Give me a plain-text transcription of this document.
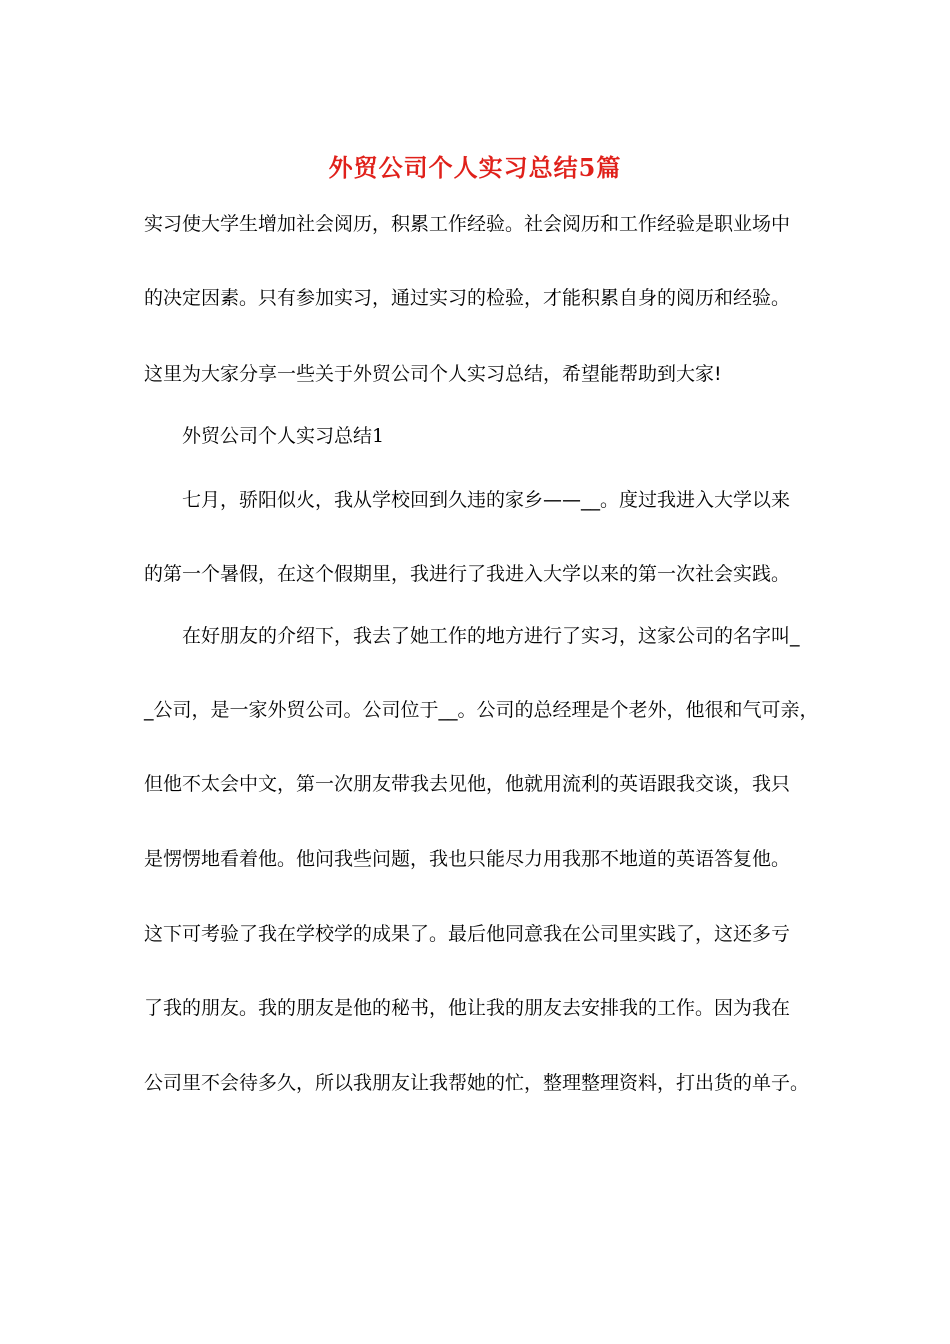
外贸公司个人实习总结5篇

实习使大学生增加社会阅历，积累工作经验。社会阅历和工作经验是职业场中

的决定因素。只有参加实习，通过实习的检验，才能积累自身的阅历和经验。

这里为大家分享一些关于外贸公司个人实习总结，希望能帮助到大家!

外贸公司个人实习总结1

七月，骄阳似火，我从学校回到久违的家乡——__。度过我进入大学以来

的第一个暑假，在这个假期里，我进行了我进入大学以来的第一次社会实践。

在好朋友的介绍下，我去了她工作的地方进行了实习，这家公司的名字叫_

_公司，是一家外贸公司。公司位于__。公司的总经理是个老外，他很和气可亲，

但他不太会中文，第一次朋友带我去见他，他就用流利的英语跟我交谈，我只

是愣愣地看着他。他问我些问题，我也只能尽力用我那不地道的英语答复他。

这下可考验了我在学校学的成果了。最后他同意我在公司里实践了，这还多亏

了我的朋友。我的朋友是他的秘书，他让我的朋友去安排我的工作。因为我在

公司里不会待多久，所以我朋友让我帮她的忙，整理整理资料，打出货的单子。
